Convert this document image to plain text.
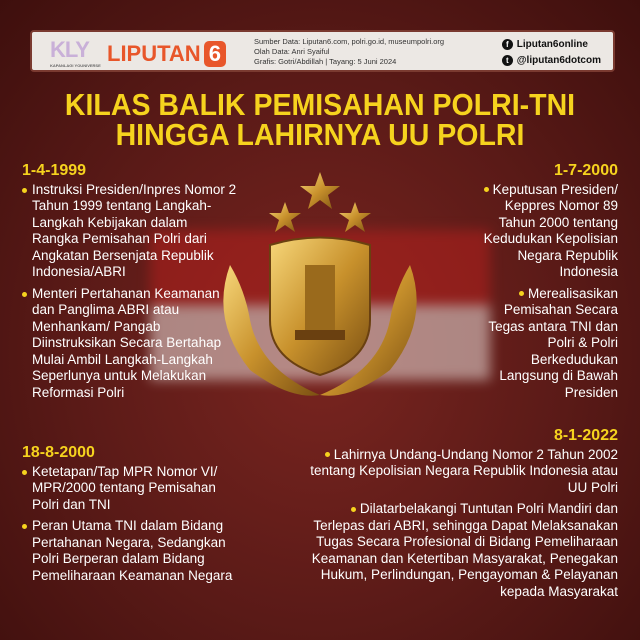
KLY
KAPANLAGI YOUNIVERSE LIPUTAN 6	Sumber Data: Liputan6.com, polri.go.id, museumpolri.org
Olah Data: Anri Syaiful
Grafis: Gotri/Abdillah | Tayang: 5 Juni 2024
f Liputan6online
t @liputan6dotcom
KILAS BALIK PEMISAHAN POLRI-TNI
HINGGA LAHIRNYA UU POLRI
1-4-1999
Instruksi Presiden/Inpres Nomor 2 Tahun 1999 tentang Langkah-Langkah Kebijakan dalam Rangka Pemisahan Polri dari Angkatan Bersenjata Republik Indonesia/ABRI
Menteri Pertahanan Keamanan dan Panglima ABRI atau Menhankam/ Pangab Diinstruksikan Secara Bertahap Mulai Ambil Langkah-Langkah Seperlunya untuk Melakukan Reformasi Polri
18-8-2000
Ketetapan/Tap MPR Nomor VI/ MPR/2000 tentang Pemisahan Polri dan TNI
Peran Utama TNI dalam Bidang Pertahanan Negara, Sedangkan Polri Berperan dalam Bidang Pemeliharaan Keamanan Negara
1-7-2000
Keputusan Presiden/ Keppres Nomor 89 Tahun 2000 tentang Kedudukan Kepolisian Negara Republik Indonesia
Merealisasikan Pemisahan Secara Tegas antara TNI dan Polri & Polri Berkedudukan Langsung di Bawah Presiden
8-1-2022
Lahirnya Undang-Undang Nomor 2 Tahun 2002 tentang Kepolisian Negara Republik Indonesia atau UU Polri
Dilatarbelakangi Tuntutan Polri Mandiri dan Terlepas dari ABRI, sehingga Dapat Melaksanakan Tugas Secara Profesional di Bidang Pemeliharaan Keamanan dan Ketertiban Masyarakat, Penegakan Hukum, Perlindungan, Pengayoman & Pelayanan kepada Masyarakat
